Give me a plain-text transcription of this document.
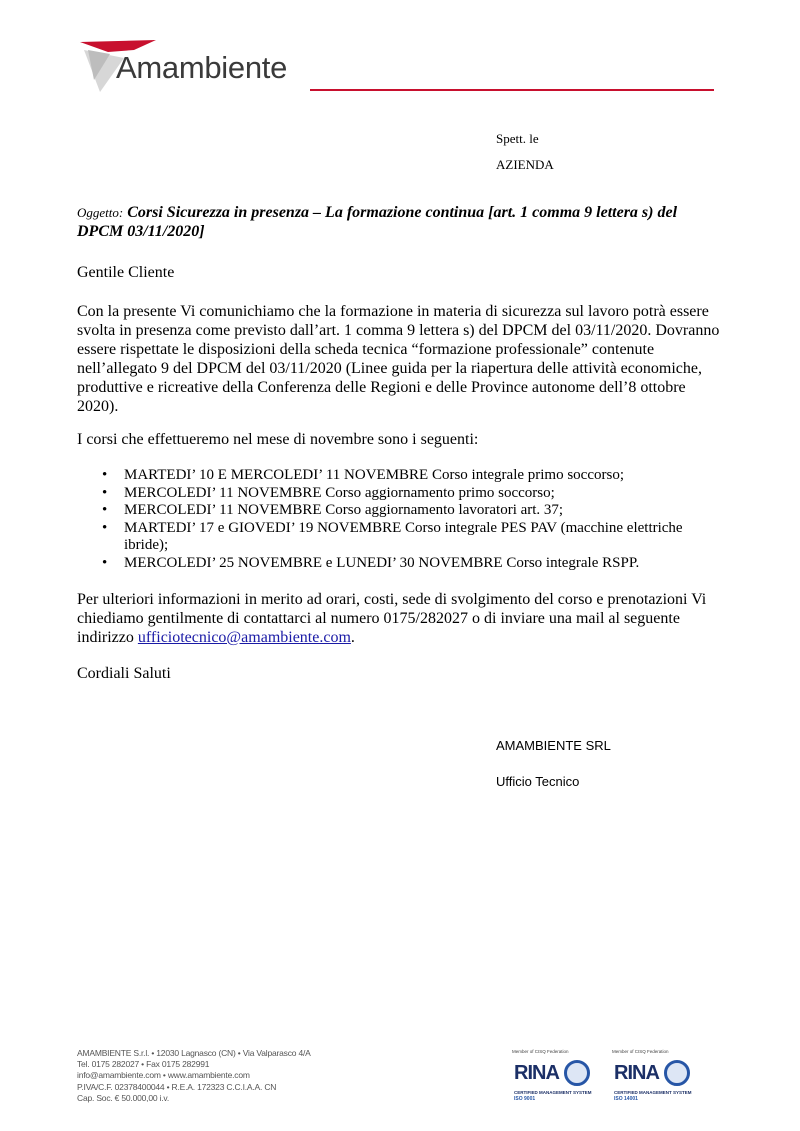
Amambiente
Spett. le
AZIENDA
Oggetto: Corsi Sicurezza in presenza – La formazione continua [art. 1 comma 9 lettera s) del DPCM 03/11/2020]
Gentile Cliente
Con la presente Vi comunichiamo che la formazione in materia di sicurezza sul lavoro potrà essere svolta in presenza come previsto dall’art. 1 comma 9 lettera s) del DPCM del 03/11/2020. Dovranno essere rispettate le disposizioni della scheda tecnica “formazione professionale” contenute nell’allegato 9 del DPCM del 03/11/2020 (Linee guida per la riapertura delle attività economiche, produttive e ricreative della Conferenza delle Regioni e delle Province autonome dell’8 ottobre 2020).
I corsi che effettueremo nel mese di novembre sono i seguenti:
• MARTEDI’ 10 E MERCOLEDI’ 11 NOVEMBRE Corso integrale primo soccorso;
• MERCOLEDI’ 11 NOVEMBRE Corso aggiornamento primo soccorso;
• MERCOLEDI’ 11 NOVEMBRE Corso aggiornamento lavoratori art. 37;
• MARTEDI’ 17 e GIOVEDI’ 19 NOVEMBRE Corso integrale PES PAV (macchine elettriche ibride);
• MERCOLEDI’ 25 NOVEMBRE e LUNEDI’ 30 NOVEMBRE Corso integrale RSPP.
Per ulteriori informazioni in merito ad orari, costi, sede di svolgimento del corso e prenotazioni Vi chiediamo gentilmente di contattarci al numero 0175/282027 o di inviare una mail al seguente indirizzo ufficiotecnico@amambiente.com.
Cordiali Saluti
AMAMBIENTE SRL
Ufficio Tecnico
AMAMBIENTE S.r.l. • 12030 Lagnasco (CN) • Via Valparasco 4/A
Tel. 0175 282027 • Fax 0175 282991
info@amambiente.com • www.amambiente.com
P.IVA/C.F. 02378400044 • R.E.A. 172323 C.C.I.A.A. CN
Cap. Soc. € 50.000,00 i.v.
Member of CISQ Federation
RINA
CERTIFIED MANAGEMENT SYSTEM
ISO 9001
Member of CISQ Federation
RINA
CERTIFIED MANAGEMENT SYSTEM
ISO 14001
